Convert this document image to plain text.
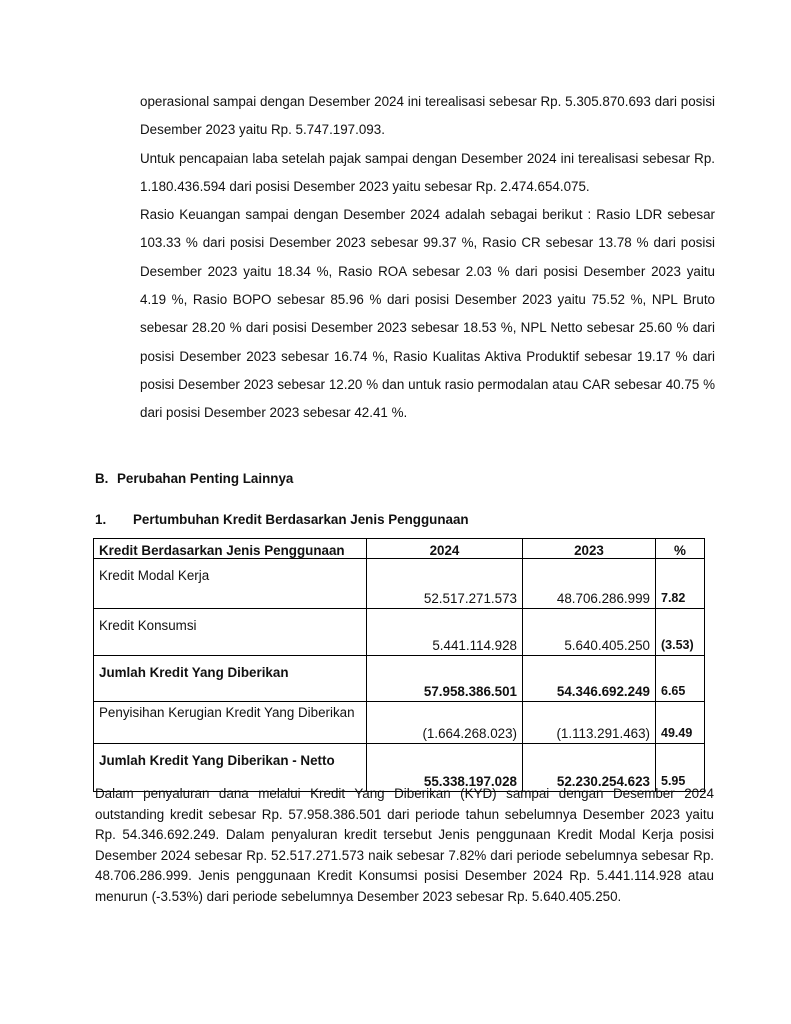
operasional sampai dengan Desember 2024 ini terealisasi sebesar Rp. 5.305.870.693 dari posisi Desember 2023 yaitu Rp. 5.747.197.093.

Untuk pencapaian laba setelah pajak sampai dengan Desember 2024 ini terealisasi sebesar Rp. 1.180.436.594 dari posisi Desember 2023 yaitu sebesar Rp. 2.474.654.075.

Rasio Keuangan sampai dengan Desember 2024 adalah sebagai berikut : Rasio LDR sebesar 103.33 % dari posisi Desember 2023 sebesar 99.37 %, Rasio CR sebesar 13.78 % dari posisi Desember 2023 yaitu 18.34 %, Rasio ROA sebesar 2.03 % dari posisi Desember 2023 yaitu 4.19 %, Rasio BOPO sebesar 85.96 % dari posisi Desember 2023 yaitu 75.52 %, NPL Bruto sebesar 28.20 % dari posisi Desember 2023 sebesar 18.53 %, NPL Netto sebesar 25.60 % dari posisi Desember 2023 sebesar 16.74 %, Rasio Kualitas Aktiva Produktif sebesar 19.17 % dari posisi Desember 2023 sebesar 12.20 % dan untuk rasio permodalan atau CAR sebesar 40.75 % dari posisi Desember 2023 sebesar 42.41 %.

B. Perubahan Penting Lainnya
1. Pertumbuhan Kredit Berdasarkan Jenis Penggunaan
Kredit Berdasarkan Jenis Penggunaan	2024	2023	%
Kredit Modal Kerja	52.517.271.573	48.706.286.999	7.82
Kredit Konsumsi	5.441.114.928	5.640.405.250	(3.53)
Jumlah Kredit Yang Diberikan	57.958.386.501	54.346.692.249	6.65
Penyisihan Kerugian Kredit Yang Diberikan	(1.664.268.023)	(1.113.291.463)	49.49
Jumlah Kredit Yang Diberikan - Netto	55.338.197.028	52.230.254.623	5.95

Dalam penyaluran dana melalui Kredit Yang Diberikan (KYD) sampai dengan Desember 2024 outstanding kredit sebesar Rp. 57.958.386.501 dari periode tahun sebelumnya Desember 2023 yaitu Rp. 54.346.692.249. Dalam penyaluran kredit tersebut Jenis penggunaan Kredit Modal Kerja posisi Desember 2024 sebesar Rp. 52.517.271.573 naik sebesar 7.82% dari periode sebelumnya sebesar Rp. 48.706.286.999. Jenis penggunaan Kredit Konsumsi posisi Desember 2024 Rp. 5.441.114.928 atau menurun (-3.53%) dari periode sebelumnya Desember 2023 sebesar Rp. 5.640.405.250.
